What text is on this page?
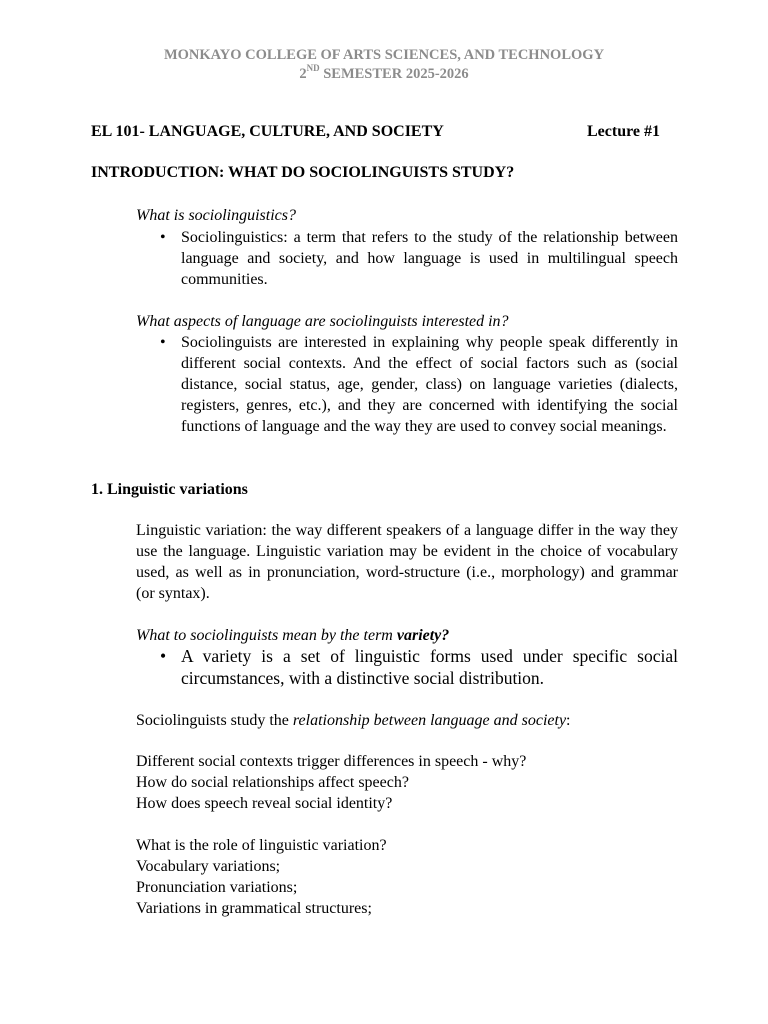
MONKAYO COLLEGE OF ARTS SCIENCES, AND TECHNOLOGY
2ND SEMESTER 2025-2026
EL 101- LANGUAGE, CULTURE, AND SOCIETY	Lecture #1
INTRODUCTION: WHAT DO SOCIOLINGUISTS STUDY?
What is sociolinguistics?
• Sociolinguistics: a term that refers to the study of the relationship between language and society, and how language is used in multilingual speech communities.

What aspects of language are sociolinguists interested in?
• Sociolinguists are interested in explaining why people speak differently in different social contexts. And the effect of social factors such as (social distance, social status, age, gender, class) on language varieties (dialects, registers, genres, etc.), and they are concerned with identifying the social functions of language and the way they are used to convey social meanings.

1. Linguistic variations

Linguistic variation: the way different speakers of a language differ in the way they use the language. Linguistic variation may be evident in the choice of vocabulary used, as well as in pronunciation, word-structure (i.e., morphology) and grammar (or syntax).

What to sociolinguists mean by the term variety?
• A variety is a set of linguistic forms used under specific social circumstances, with a distinctive social distribution.

Sociolinguists study the relationship between language and society:
Different social contexts trigger differences in speech - why?
How do social relationships affect speech?
How does speech reveal social identity?
What is the role of linguistic variation?
Vocabulary variations;
Pronunciation variations;
Variations in grammatical structures;
